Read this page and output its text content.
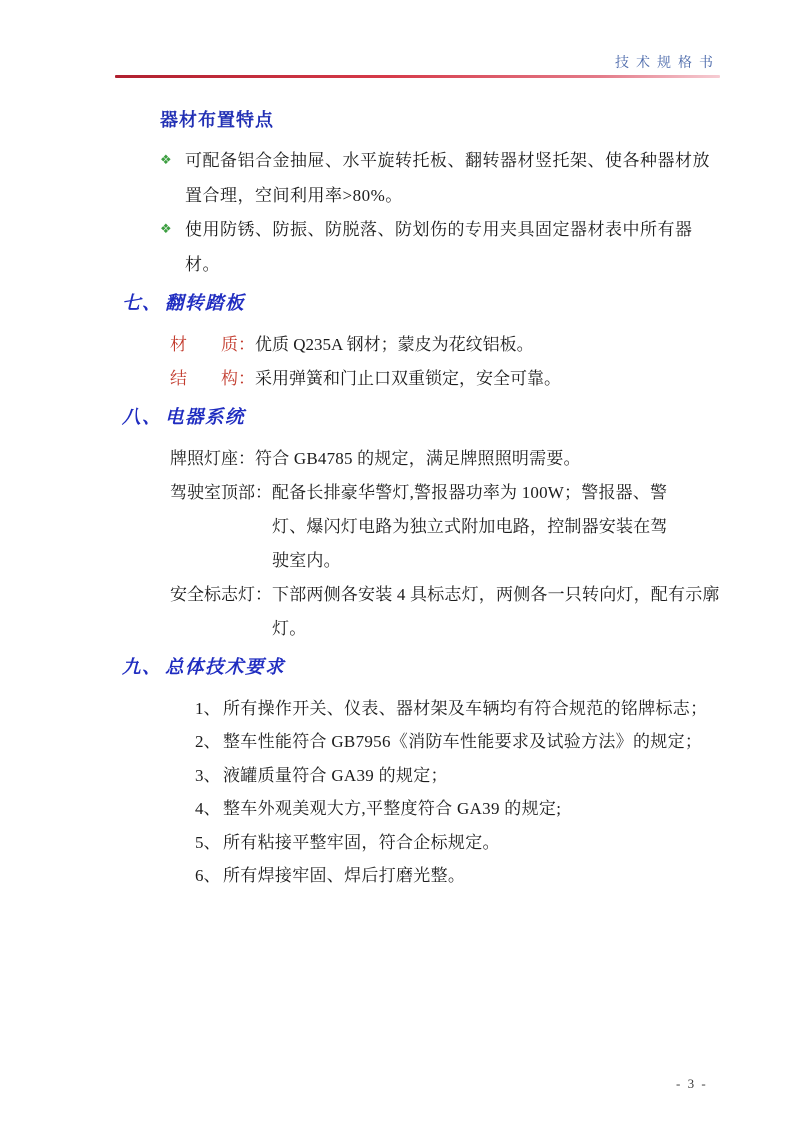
技术规格书
器材布置特点
❖ 可配备铝合金抽屉、水平旋转托板、翻转器材竖托架、使各种器材放置合理，空间利用率>80%。
❖ 使用防锈、防振、防脱落、防划伤的专用夹具固定器材表中所有器材。
七、 翻转踏板
材　　质：优质 Q235A 钢材；蒙皮为花纹铝板。
结　　构：采用弹簧和门止口双重锁定，安全可靠。
八、 电器系统
牌照灯座： 符合 GB4785 的规定，满足牌照照明需要。
驾驶室顶部： 配备长排豪华警灯,警报器功率为 100W；警报器、警灯、爆闪灯电路为独立式附加电路，控制器安装在驾驶室内。
安全标志灯： 下部两侧各安装 4 具标志灯，两侧各一只转向灯，配有示廓灯。
九、 总体技术要求
1、 所有操作开关、仪表、器材架及车辆均有符合规范的铭牌标志；
2、 整车性能符合 GB7956《消防车性能要求及试验方法》的规定；
3、 液罐质量符合 GA39 的规定；
4、 整车外观美观大方,平整度符合 GA39 的规定;
5、 所有粘接平整牢固，符合企标规定。
6、 所有焊接牢固、焊后打磨光整。
- 3 -
